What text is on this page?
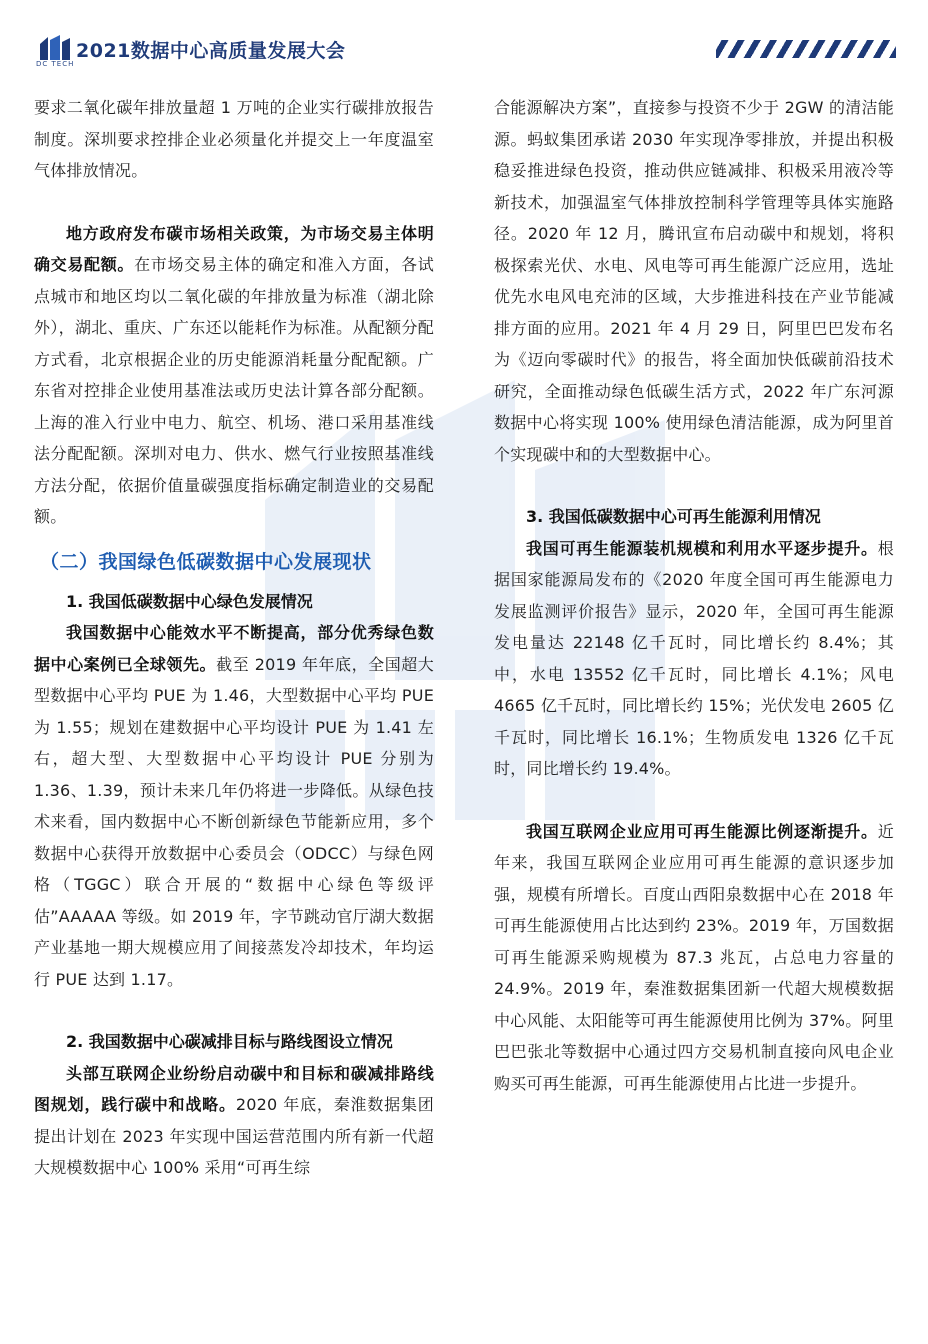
DC TECH
2021数据中心高质量发展大会

要求二氧化碳年排放量超 1 万吨的企业实行碳排放报告制度。深圳要求控排企业必须量化并提交上一年度温室气体排放情况。

地方政府发布碳市场相关政策，为市场交易主体明确交易配额。在市场交易主体的确定和准入方面，各试点城市和地区均以二氧化碳的年排放量为标准（湖北除外），湖北、重庆、广东还以能耗作为标准。从配额分配方式看，北京根据企业的历史能源消耗量分配配额。广东省对控排企业使用基准法或历史法计算各部分配额。上海的准入行业中电力、航空、机场、港口采用基准线法分配配额。深圳对电力、供水、燃气行业按照基准线方法分配，依据价值量碳强度指标确定制造业的交易配额。

（二）我国绿色低碳数据中心发展现状

1. 我国低碳数据中心绿色发展情况

我国数据中心能效水平不断提高，部分优秀绿色数据中心案例已全球领先。截至 2019 年年底，全国超大型数据中心平均 PUE 为 1.46，大型数据中心平均 PUE 为 1.55；规划在建数据中心平均设计 PUE 为 1.41 左右，超大型、大型数据中心平均设计 PUE 分别为 1.36、1.39，预计未来几年仍将进一步降低。从绿色技术来看，国内数据中心不断创新绿色节能新应用，多个数据中心获得开放数据中心委员会（ODCC）与绿色网格（TGGC）联合开展的“数据中心绿色等级评估”AAAAA 等级。如 2019 年，字节跳动官厅湖大数据产业基地一期大规模应用了间接蒸发冷却技术，年均运行 PUE 达到 1.17。

2. 我国数据中心碳减排目标与路线图设立情况

头部互联网企业纷纷启动碳中和目标和碳减排路线图规划，践行碳中和战略。2020 年底，秦淮数据集团提出计划在 2023 年实现中国运营范围内所有新一代超大规模数据中心 100% 采用“可再生综

合能源解决方案”，直接参与投资不少于 2GW 的清洁能源。蚂蚁集团承诺 2030 年实现净零排放，并提出积极稳妥推进绿色投资，推动供应链减排、积极采用液冷等新技术，加强温室气体排放控制科学管理等具体实施路径。2020 年 12 月，腾讯宣布启动碳中和规划，将积极探索光伏、水电、风电等可再生能源广泛应用，选址优先水电风电充沛的区域，大步推进科技在产业节能减排方面的应用。2021 年 4 月 29 日，阿里巴巴发布名为《迈向零碳时代》的报告，将全面加快低碳前沿技术研究，全面推动绿色低碳生活方式，2022 年广东河源数据中心将实现 100% 使用绿色清洁能源，成为阿里首个实现碳中和的大型数据中心。

3. 我国低碳数据中心可再生能源利用情况

我国可再生能源装机规模和利用水平逐步提升。根据国家能源局发布的《2020 年度全国可再生能源电力发展监测评价报告》显示，2020 年，全国可再生能源发电量达 22148 亿千瓦时，同比增长约 8.4%；其中，水电 13552 亿千瓦时，同比增长 4.1%；风电 4665 亿千瓦时，同比增长约 15%；光伏发电 2605 亿千瓦时，同比增长 16.1%；生物质发电 1326 亿千瓦时，同比增长约 19.4%。

我国互联网企业应用可再生能源比例逐渐提升。近年来，我国互联网企业应用可再生能源的意识逐步加强，规模有所增长。百度山西阳泉数据中心在 2018 年可再生能源使用占比达到约 23%。2019 年，万国数据可再生能源采购规模为 87.3 兆瓦，占总电力容量的 24.9%。2019 年，秦淮数据集团新一代超大规模数据中心风能、太阳能等可再生能源使用比例为 37%。阿里巴巴张北等数据中心通过四方交易机制直接向风电企业购买可再生能源，可再生能源使用占比进一步提升。
